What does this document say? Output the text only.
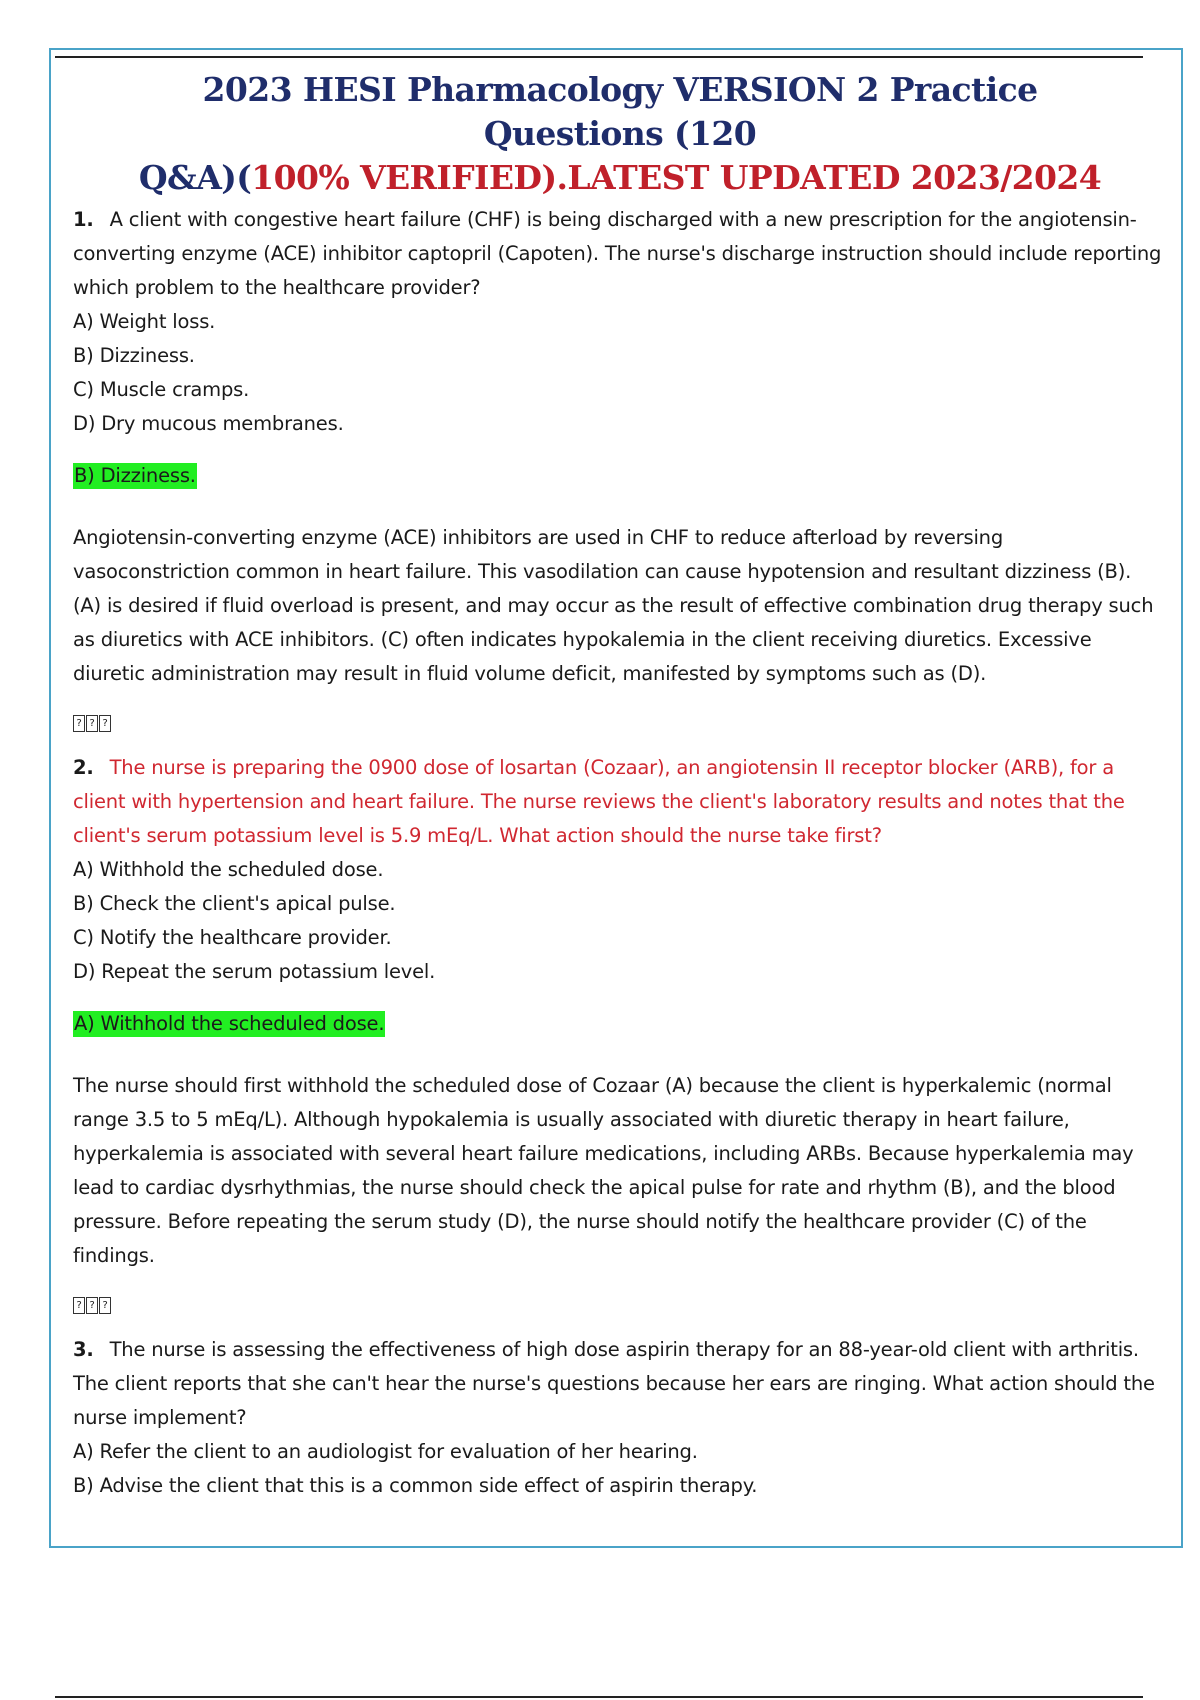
2023 HESI Pharmacology VERSION 2 Practice Questions (120
Q&A)(100% VERIFIED).LATEST UPDATED 2023/2024
1. A client with congestive heart failure (CHF) is being discharged with a new prescription for the angiotensin-converting enzyme (ACE) inhibitor captopril (Capoten). The nurse's discharge instruction should include reporting which problem to the healthcare provider?
A) Weight loss.
B) Dizziness.
C) Muscle cramps.
D) Dry mucous membranes.
B) Dizziness.
Angiotensin-converting enzyme (ACE) inhibitors are used in CHF to reduce afterload by reversing vasoconstriction common in heart failure. This vasodilation can cause hypotension and resultant dizziness (B). (A) is desired if fluid overload is present, and may occur as the result of effective combination drug therapy such as diuretics with ACE inhibitors. (C) often indicates hypokalemia in the client receiving diuretics. Excessive diuretic administration may result in fluid volume deficit, manifested by symptoms such as (D).
? ? ?
2. The nurse is preparing the 0900 dose of losartan (Cozaar), an angiotensin II receptor blocker (ARB), for a client with hypertension and heart failure. The nurse reviews the client's laboratory results and notes that the client's serum potassium level is 5.9 mEq/L. What action should the nurse take first?
A) Withhold the scheduled dose.
B) Check the client's apical pulse.
C) Notify the healthcare provider.
D) Repeat the serum potassium level.
A) Withhold the scheduled dose.
The nurse should first withhold the scheduled dose of Cozaar (A) because the client is hyperkalemic (normal range 3.5 to 5 mEq/L). Although hypokalemia is usually associated with diuretic therapy in heart failure, hyperkalemia is associated with several heart failure medications, including ARBs. Because hyperkalemia may lead to cardiac dysrhythmias, the nurse should check the apical pulse for rate and rhythm (B), and the blood pressure. Before repeating the serum study (D), the nurse should notify the healthcare provider (C) of the findings.
? ? ?
3. The nurse is assessing the effectiveness of high dose aspirin therapy for an 88-year-old client with arthritis. The client reports that she can't hear the nurse's questions because her ears are ringing. What action should the nurse implement?
A) Refer the client to an audiologist for evaluation of her hearing.
B) Advise the client that this is a common side effect of aspirin therapy.
